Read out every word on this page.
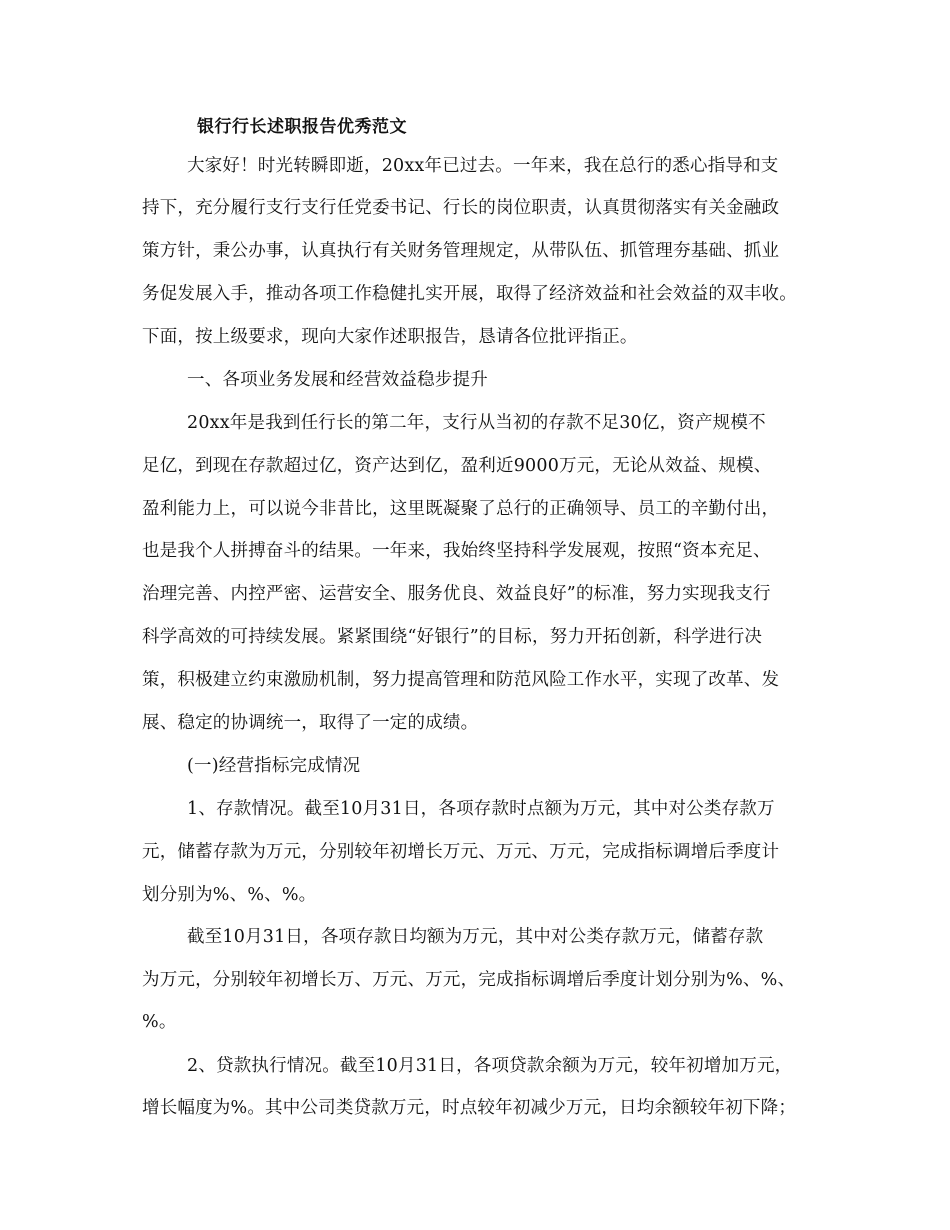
银行行长述职报告优秀范文
大家好！时光转瞬即逝，20xx年已过去。一年来，我在总行的悉心指导和支
持下，充分履行支行支行任党委书记、行长的岗位职责，认真贯彻落实有关金融政
策方针，秉公办事，认真执行有关财务管理规定，从带队伍、抓管理夯基础、抓业
务促发展入手，推动各项工作稳健扎实开展，取得了经济效益和社会效益的双丰收。
下面，按上级要求，现向大家作述职报告，恳请各位批评指正。
一、各项业务发展和经营效益稳步提升
20xx年是我到任行长的第二年，支行从当初的存款不足30亿，资产规模不
足亿，到现在存款超过亿，资产达到亿，盈利近9000万元，无论从效益、规模、
盈利能力上，可以说今非昔比，这里既凝聚了总行的正确领导、员工的辛勤付出，
也是我个人拼搏奋斗的结果。一年来，我始终坚持科学发展观，按照“资本充足、
治理完善、内控严密、运营安全、服务优良、效益良好”的标准，努力实现我支行
科学高效的可持续发展。紧紧围绕“好银行”的目标，努力开拓创新，科学进行决
策，积极建立约束激励机制，努力提高管理和防范风险工作水平，实现了改革、发
展、稳定的协调统一，取得了一定的成绩。
(一)经营指标完成情况
1、存款情况。截至10月31日，各项存款时点额为万元，其中对公类存款万
元，储蓄存款为万元，分别较年初增长万元、万元、万元，完成指标调增后季度计
划分别为%、%、%。
截至10月31日，各项存款日均额为万元，其中对公类存款万元，储蓄存款
为万元，分别较年初增长万、万元、万元，完成指标调增后季度计划分别为%、%、
%。
2、贷款执行情况。截至10月31日，各项贷款余额为万元，较年初增加万元，
增长幅度为%。其中公司类贷款万元，时点较年初减少万元，日均余额较年初下降；
